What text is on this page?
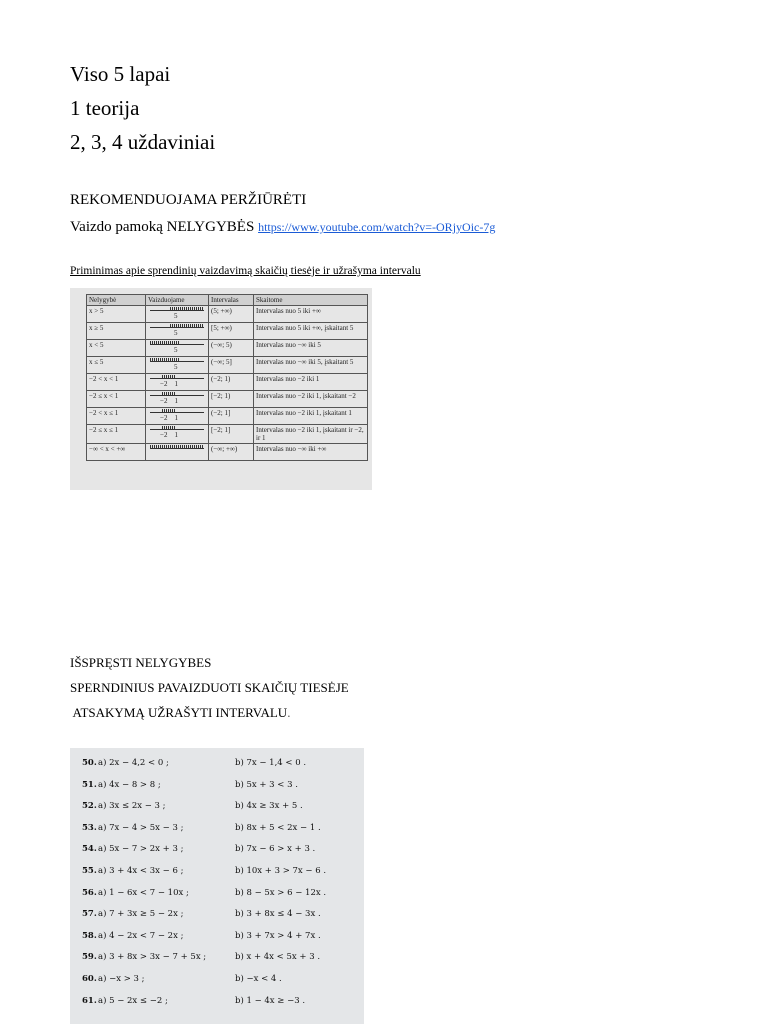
Viso 5 lapai
1 teorija
2, 3, 4 uždaviniai
REKOMENDUOJAMA PERŽIŪRĖTI
Vaizdo pamoką NELYGYBĖS https://www.youtube.com/watch?v=-ORjyOic-7g
Priminimas apie sprendinių vaizdavimą skaičių tiesėje ir užrašyma intervalu
Nelygybė	Vaizduojame	Intervalas	Skaitome
x > 5	5	(5; +∞)	Intervalas nuo 5 iki +∞
x ≥ 5	5	[5; +∞)	Intervalas nuo 5 iki +∞, įskaitant 5
x < 5	5	(−∞; 5)	Intervalas nuo −∞ iki 5
x ≤ 5	5	(−∞; 5]	Intervalas nuo −∞ iki 5, įskaitant 5
−2 < x < 1	−2    1	(−2; 1)	Intervalas nuo −2 iki 1
−2 ≤ x < 1	−2    1	[−2; 1)	Intervalas nuo −2 iki 1, įskaitant −2
−2 < x ≤ 1	−2    1	(−2; 1]	Intervalas nuo −2 iki 1, įskaitant 1
−2 ≤ x ≤ 1	−2    1	[−2; 1]	Intervalas nuo −2 iki 1, įskaitant ir −2, ir 1
−∞ < x < +∞		(−∞; +∞)	Intervalas nuo −∞ iki +∞
IŠSPRĘSTI NELYGYBES
SPERNDINIUS PAVAIZDUOTI SKAIČIŲ TIESĖJE
ATSAKYMĄ UŽRAŠYTI INTERVALU.
50. a) 2x − 4,2 < 0 ;	b) 7x − 1,4 < 0 .
51. a) 4x − 8 > 8 ;	b) 5x + 3 < 3 .
52. a) 3x ≤ 2x − 3 ;	b) 4x ≥ 3x + 5 .
53. a) 7x − 4 > 5x − 3 ;	b) 8x + 5 < 2x − 1 .
54. a) 5x − 7 > 2x + 3 ;	b) 7x − 6 > x + 3 .
55. a) 3 + 4x < 3x − 6 ;	b) 10x + 3 > 7x − 6 .
56. a) 1 − 6x < 7 − 10x ;	b) 8 − 5x > 6 − 12x .
57. a) 7 + 3x ≥ 5 − 2x ;	b) 3 + 8x ≤ 4 − 3x .
58. a) 4 − 2x < 7 − 2x ;	b) 3 + 7x > 4 + 7x .
59. a) 3 + 8x > 3x − 7 + 5x ;	b) x + 4x < 5x + 3 .
60. a) −x > 3 ;	b) −x < 4 .
61. a) 5 − 2x ≤ −2 ;	b) 1 − 4x ≥ −3 .
